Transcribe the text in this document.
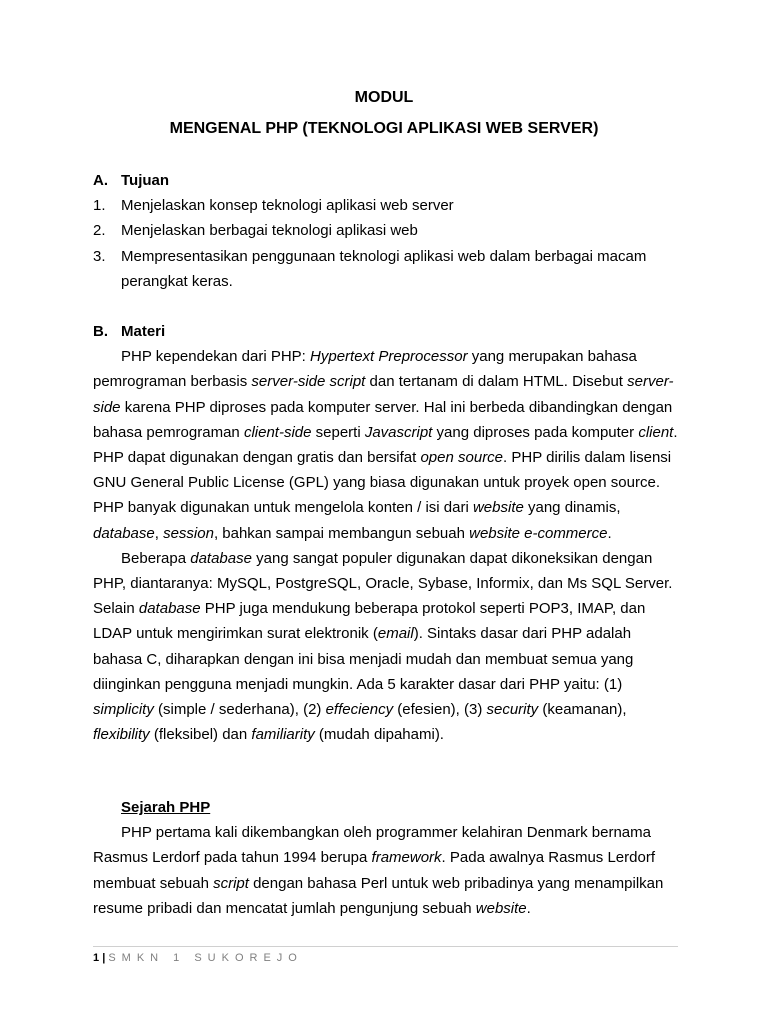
MODUL
MENGENAL PHP (TEKNOLOGI APLIKASI WEB SERVER)
A. Tujuan
1.	Menjelaskan konsep teknologi aplikasi web server
2.	Menjelaskan berbagai teknologi aplikasi web
3.	Mempresentasikan penggunaan teknologi aplikasi web dalam berbagai macam perangkat keras.
B. Materi
PHP kependekan dari PHP: Hypertext Preprocessor yang merupakan bahasa pemrograman berbasis server-side script dan tertanam di dalam HTML. Disebut server-side karena PHP diproses pada komputer server. Hal ini berbeda dibandingkan dengan bahasa pemrograman client-side seperti Javascript yang diproses pada komputer client. PHP dapat digunakan dengan gratis dan bersifat open source. PHP dirilis dalam lisensi GNU General Public License (GPL) yang biasa digunakan untuk proyek open source. PHP banyak digunakan untuk mengelola konten / isi dari website yang dinamis, database, session, bahkan sampai membangun sebuah website e-commerce.
Beberapa database yang sangat populer digunakan dapat dikoneksikan dengan PHP, diantaranya: MySQL, PostgreSQL, Oracle, Sybase, Informix, dan Ms SQL Server. Selain database PHP juga mendukung beberapa protokol seperti POP3, IMAP, dan LDAP untuk mengirimkan surat elektronik (email). Sintaks dasar dari PHP adalah bahasa C, diharapkan dengan ini bisa menjadi mudah dan membuat semua yang diinginkan pengguna menjadi mungkin. Ada 5 karakter dasar dari PHP yaitu: (1) simplicity (simple / sederhana), (2) effeciency (efesien), (3) security (keamanan), flexibility (fleksibel) dan familiarity (mudah dipahami).
Sejarah PHP
PHP pertama kali dikembangkan oleh programmer kelahiran Denmark bernama Rasmus Lerdorf pada tahun 1994 berupa framework. Pada awalnya Rasmus Lerdorf membuat sebuah script dengan bahasa Perl untuk web pribadinya yang menampilkan resume pribadi dan mencatat jumlah pengunjung sebuah website.
1 | SMKN 1 SUKOREJO
